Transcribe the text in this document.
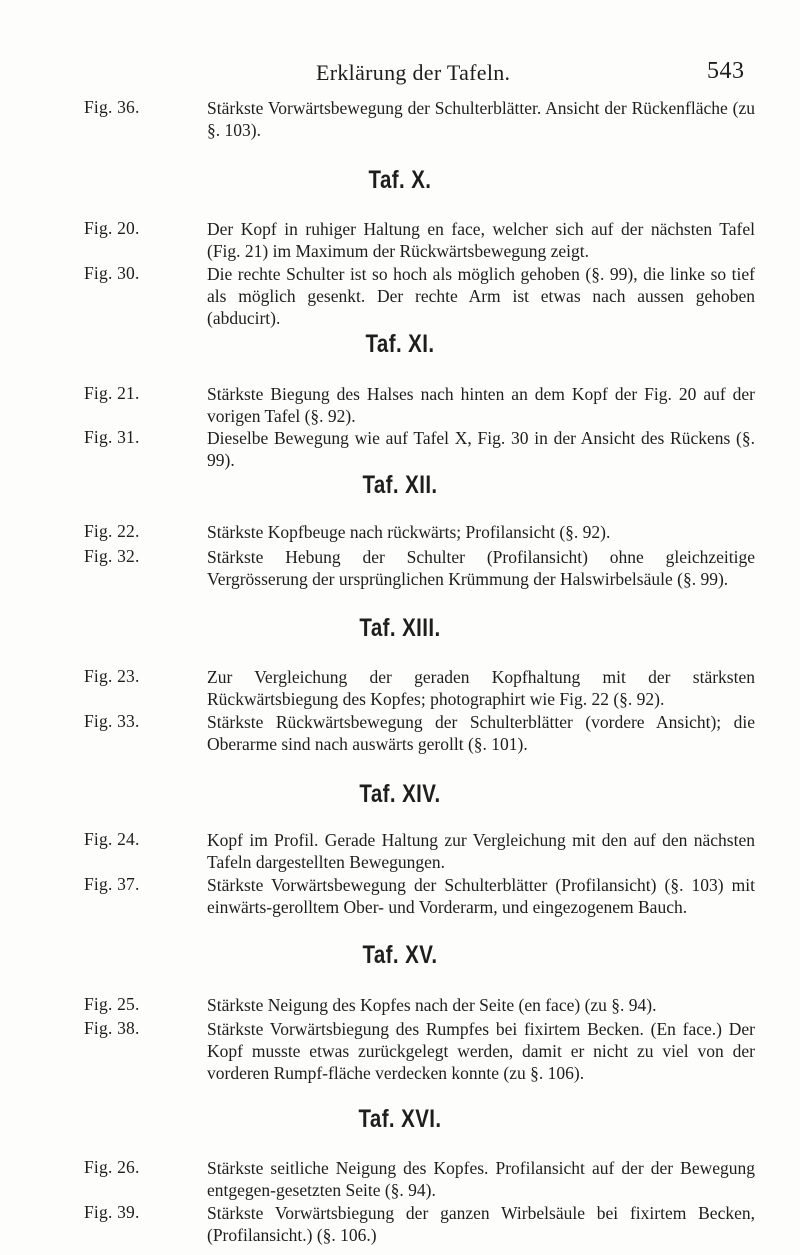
Erklärung der Tafeln.	543
Fig. 36.	Stärkste Vorwärtsbewegung der Schulterblätter. Ansicht der Rückenfläche (zu §. 103).
Taf. X.
Fig. 20.	Der Kopf in ruhiger Haltung en face, welcher sich auf der nächsten Tafel (Fig. 21) im Maximum der Rückwärtsbewegung zeigt.
Fig. 30.	Die rechte Schulter ist so hoch als möglich gehoben (§. 99), die linke so tief als möglich gesenkt. Der rechte Arm ist etwas nach aussen gehoben (abducirt).
Taf. XI.
Fig. 21.	Stärkste Biegung des Halses nach hinten an dem Kopf der Fig. 20 auf der vorigen Tafel (§. 92).
Fig. 31.	Dieselbe Bewegung wie auf Tafel X, Fig. 30 in der Ansicht des Rückens (§. 99).
Taf. XII.
Fig. 22.	Stärkste Kopfbeuge nach rückwärts; Profilansicht (§. 92).
Fig. 32.	Stärkste Hebung der Schulter (Profilansicht) ohne gleichzeitige Vergrösserung der ursprünglichen Krümmung der Halswirbelsäule (§. 99).
Taf. XIII.
Fig. 23.	Zur Vergleichung der geraden Kopfhaltung mit der stärksten Rückwärtsbiegung des Kopfes; photographirt wie Fig. 22 (§. 92).
Fig. 33.	Stärkste Rückwärtsbewegung der Schulterblätter (vordere Ansicht); die Oberarme sind nach auswärts gerollt (§. 101).
Taf. XIV.
Fig. 24.	Kopf im Profil. Gerade Haltung zur Vergleichung mit den auf den nächsten Tafeln dargestellten Bewegungen.
Fig. 37.	Stärkste Vorwärtsbewegung der Schulterblätter (Profilansicht) (§. 103) mit einwärts-gerolltem Ober- und Vorderarm, und eingezogenem Bauch.
Taf. XV.
Fig. 25.	Stärkste Neigung des Kopfes nach der Seite (en face) (zu §. 94).
Fig. 38.	Stärkste Vorwärtsbiegung des Rumpfes bei fixirtem Becken. (En face.) Der Kopf musste etwas zurückgelegt werden, damit er nicht zu viel von der vorderen Rumpf-fläche verdecken konnte (zu §. 106).
Taf. XVI.
Fig. 26.	Stärkste seitliche Neigung des Kopfes. Profilansicht auf der der Bewegung entgegen-gesetzten Seite (§. 94).
Fig. 39.	Stärkste Vorwärtsbiegung der ganzen Wirbelsäule bei fixirtem Becken, (Profilansicht.) (§. 106.)
